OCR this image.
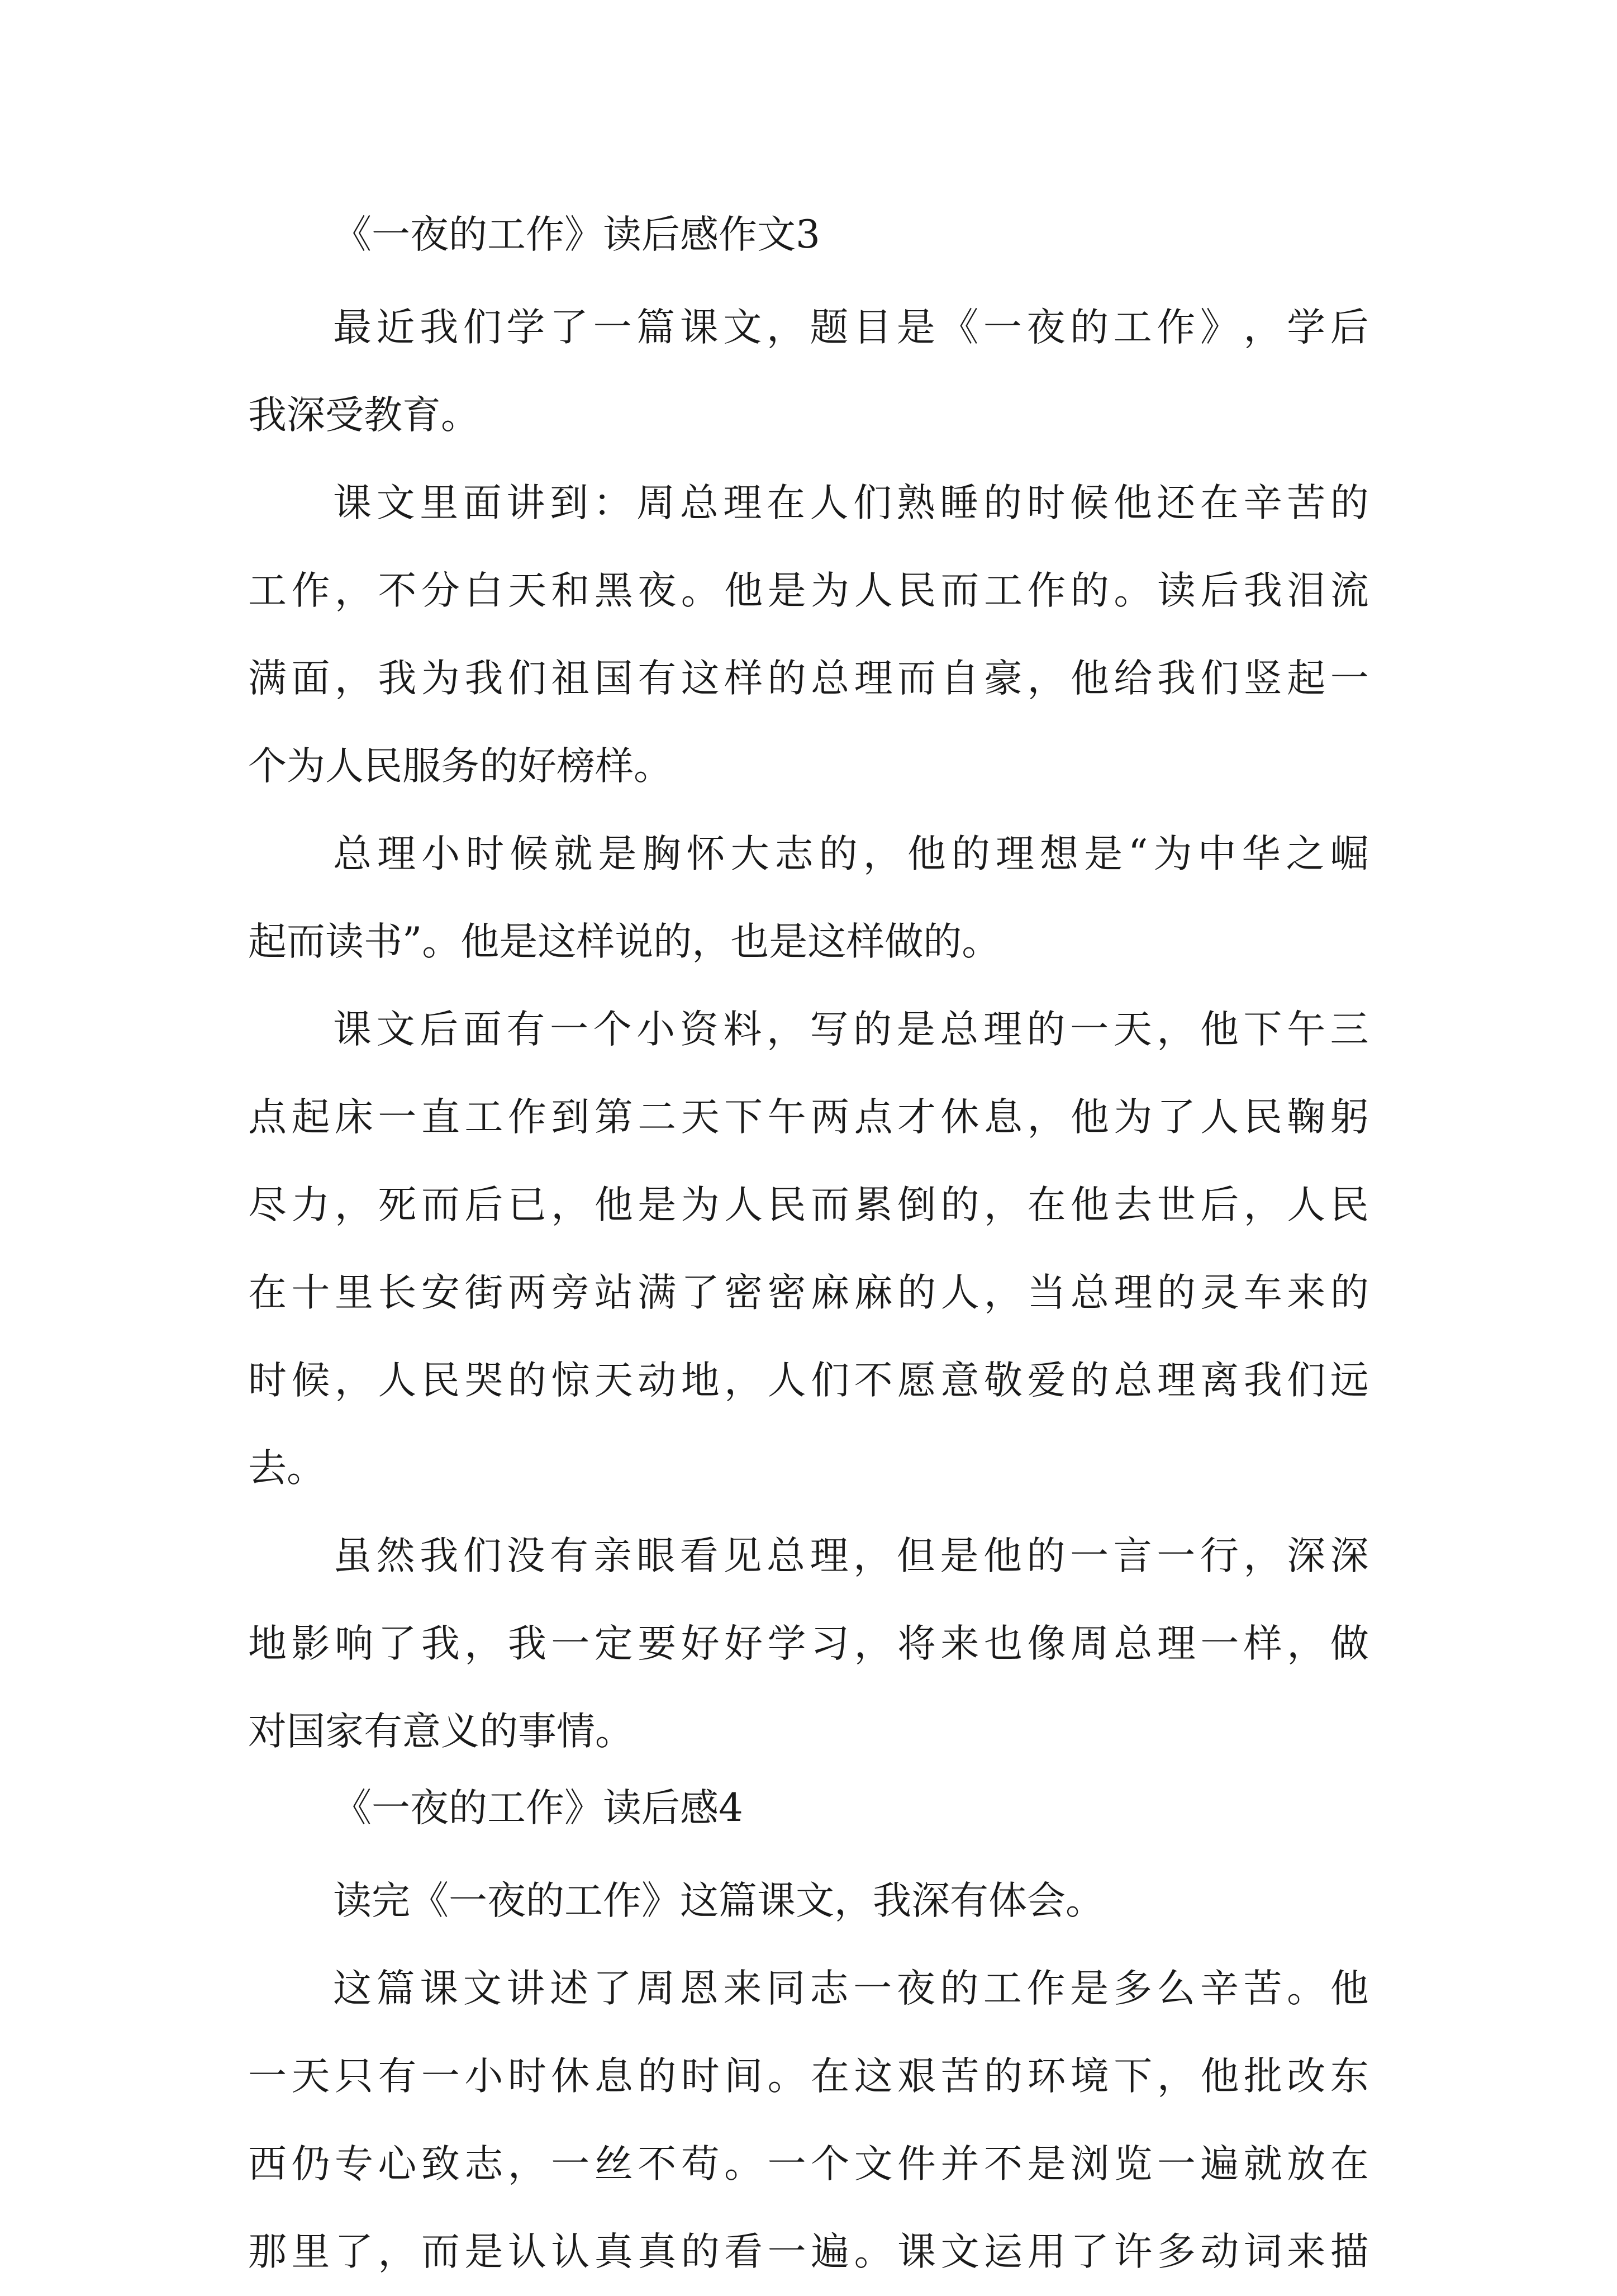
《一夜的工作》读后感作文3
最 近 我 们 学 了 一 篇 课 文 ， 题 目 是 《 一 夜 的 工 作 》 ， 学 后
我深受教育。
课 文 里 面 讲 到 ： 周 总 理 在 人 们 熟 睡 的 时 候 他 还 在 辛 苦 的
工 作 ， 不 分 白 天 和 黑 夜 。 他 是 为 人 民 而 工 作 的 。 读 后 我 泪 流
满 面 ， 我 为 我 们 祖 国 有 这 样 的 总 理 而 自 豪 ， 他 给 我 们 竖 起 一
个为人民服务的好榜样。
总 理 小 时 候 就 是 胸 怀 大 志 的 ， 他 的 理 想 是 “ 为 中 华 之 崛
起而读书”。他是这样说的，也是这样做的。
课 文 后 面 有 一 个 小 资 料 ， 写 的 是 总 理 的 一 天 ， 他 下 午 三
点 起 床 一 直 工 作 到 第 二 天 下 午 两 点 才 休 息 ， 他 为 了 人 民 鞠 躬
尽 力 ， 死 而 后 已 ， 他 是 为 人 民 而 累 倒 的 ， 在 他 去 世 后 ， 人 民
在 十 里 长 安 街 两 旁 站 满 了 密 密 麻 麻 的 人 ， 当 总 理 的 灵 车 来 的
时 候 ， 人 民 哭 的 惊 天 动 地 ， 人 们 不 愿 意 敬 爱 的 总 理 离 我 们 远
去。
虽 然 我 们 没 有 亲 眼 看 见 总 理 ， 但 是 他 的 一 言 一 行 ， 深 深
地 影 响 了 我 ， 我 一 定 要 好 好 学 习 ， 将 来 也 像 周 总 理 一 样 ， 做
对国家有意义的事情。
《一夜的工作》读后感4
读完《一夜的工作》这篇课文，我深有体会。
这 篇 课 文 讲 述 了 周 恩 来 同 志 一 夜 的 工 作 是 多 么 辛 苦 。 他
一 天 只 有 一 小 时 休 息 的 时 间 。 在 这 艰 苦 的 环 境 下 ， 他 批 改 东
西 仍 专 心 致 志 ， 一 丝 不 苟 。 一 个 文 件 并 不 是 浏 览 一 遍 就 放 在
那 里 了 ， 而 是 认 认 真 真 的 看 一 遍 。 课 文 运 用 了 许 多 动 词 来 描
